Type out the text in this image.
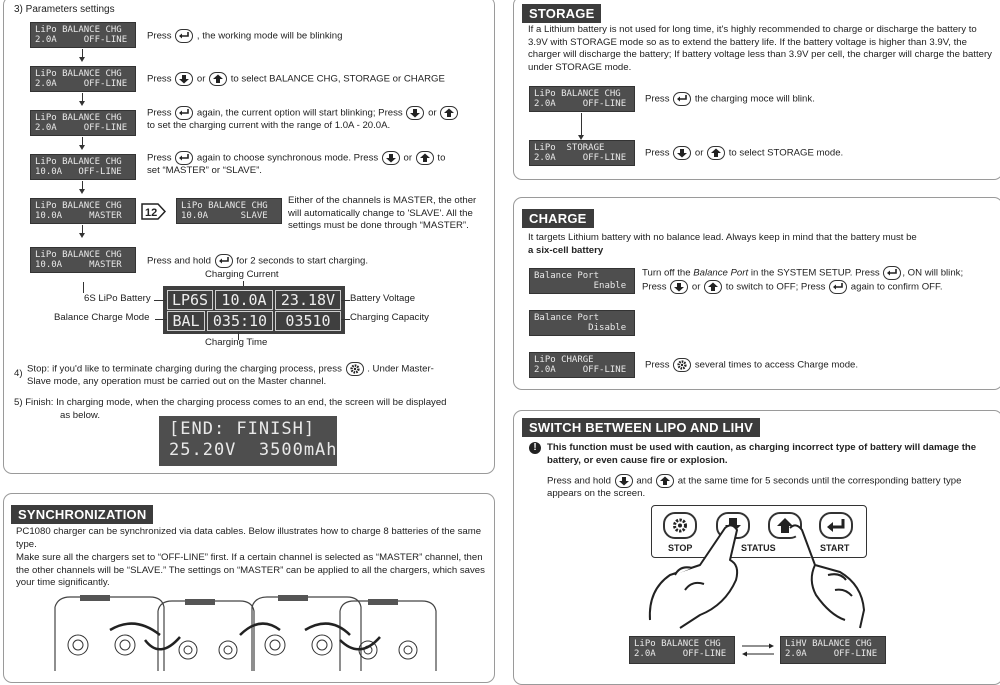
3) Parameters settings
LiPo BALANCE CHG
2.0A     OFF-LINE	Press	, the working mode will be blinking
LiPo BALANCE CHG
2.0A     OFF-LINE	Press	or	to select BALANCE CHG, STORAGE or CHARGE
LiPo BALANCE CHG
2.0A     OFF-LINE
Press	again, the current option will start blinking; Press	or

to set the charging current with the range of 1.0A - 20.0A.
LiPo BALANCE CHG
10.0A   OFF-LINE
Press	again to choose synchronous mode. Press	or	to
set “MASTER” or “SLAVE”.
LiPo BALANCE CHG
10.0A     MASTER	12
LiPo BALANCE CHG
10.0A      SLAVE
Either of the channels is MASTER, the other will automatically change to 'SLAVE'. All the settings must be done through “MASTER”.
LiPo BALANCE CHG
10.0A     MASTER	Press and hold	for 2 seconds to start charging.
Charging Current
LP6S 10.0A 23.18V
BAL 035:10	03510
6S LiPo Battery	Battery Voltage
Balance Charge Mode	Charging Capacity
Charging Time
4) Stop: if you'd like to terminate charging during the charging process, press	. Under Master-
Slave mode, any operation must be carried out on the Master channel.
5) Finish: In charging mode, when the charging process comes to an end, the screen will be displayed
as below.
[END: FINISH]
25.20V  3500mAh
SYNCHRONIZATION
PC1080 charger can be synchronized via data cables. Below illustrates how to charge 8 batteries of the same type.
Make sure all the chargers set to “OFF-LINE” first. If a certain channel is selected as “MASTER” channel, then the other channels will be “SLAVE.” The settings on “MASTER” can be applied to all the chargers, which saves your time significantly.
STORAGE
If a Lithium battery is not used for long time, it's highly recommended to charge or discharge the battery to 3.9V with STORAGE mode so as to extend the battery life. If the battery voltage is higher than 3.9V, the charger will discharge the battery; If battery voltage less than 3.9V per cell, the charger will charge the battery under STORAGE mode.
LiPo BALANCE CHG
2.0A     OFF-LINE
LiPo  STORAGE
2.0A     OFF-LINE
Press	the charging moce will blink.
Press	or	to select STORAGE mode.
CHARGE
It targets Lithium battery with no balance lead. Always keep in mind that the battery must be
a six-cell battery
Balance Port
Enable
Balance Port
Disable
LiPo CHARGE
2.0A     OFF-LINE
Turn off the Balance Port in the SYSTEM SETUP. Press , ON will blink;
Press	or	to switch to OFF; Press	again to confirm OFF.
Press	several times to access Charge mode.
SWITCH BETWEEN LIPO AND LIHV
!	This function must be used with caution, as charging incorrect type of battery will damage the battery, or even cause fire or explosion.
Press and hold	and	at the same time for 5 seconds until the corresponding battery type appears on the screen.
STOP	STATUS	START
LiPo BALANCE CHG
2.0A     OFF-LINE
LiHV BALANCE CHG
2.0A     OFF-LINE
